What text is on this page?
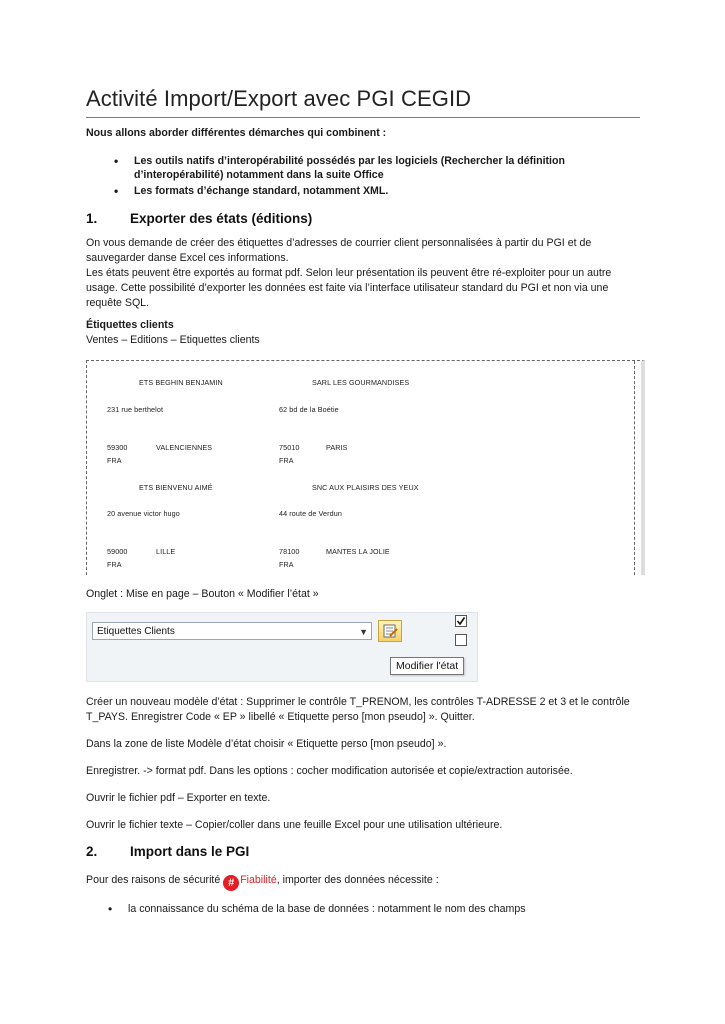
Activité Import/Export avec PGI CEGID

Nous allons aborder différentes démarches qui combinent :

• Les outils natifs d’interopérabilité possédés par les logiciels (Rechercher la définition d’interopérabilité) notamment dans la suite Office

• Les formats d’échange standard, notamment XML.

1. Exporter des états (éditions)

On vous demande de créer des étiquettes d’adresses de courrier client personnalisées à partir du PGI et de sauvegarder danse Excel ces informations.

Les états peuvent être exportés au format pdf. Selon leur présentation ils peuvent être ré-exploiter pour un autre usage. Cette possibilité d’exporter les données est faite via l’interface utilisateur standard du PGI et non via une requête SQL.

Étiquettes clients

Ventes – Editions – Etiquettes clients

ETS BEGHIN BENJAMIN	SARL LES GOURMANDISES
231 rue berthelot	62 bd de la Boétie
59300	VALENCIENNES	75010	PARIS
FRA	FRA
ETS BIENVENU AIMÉ	SNC AUX PLAISIRS DES YEUX
20 avenue victor hugo	44 route de Verdun
59000	LILLE	78100	MANTES LA JOLIE
FRA	FRA

Onglet : Mise en page – Bouton « Modifier l’état »

Etiquettes Clients	▼
Modifier l'état

Créer un nouveau modèle d’état : Supprimer le contrôle T_PRENOM, les contrôles T-ADRESSE 2 et 3 et le contrôle T_PAYS. Enregistrer Code « EP » libellé « Etiquette perso [mon pseudo] ». Quitter.

Dans la zone de liste Modèle d’état choisir « Etiquette perso [mon pseudo] ».

Enregistrer. -> format pdf. Dans les options : cocher modification autorisée et copie/extraction autorisée.

Ouvrir le fichier pdf – Exporter en texte.

Ouvrir le fichier texte – Copier/coller dans une feuille Excel pour une utilisation ultérieure.

2. Import dans le PGI

Pour des raisons de sécurité # Fiabilité, importer des données nécessite :

• la connaissance du schéma de la base de données : notamment le nom des champs
